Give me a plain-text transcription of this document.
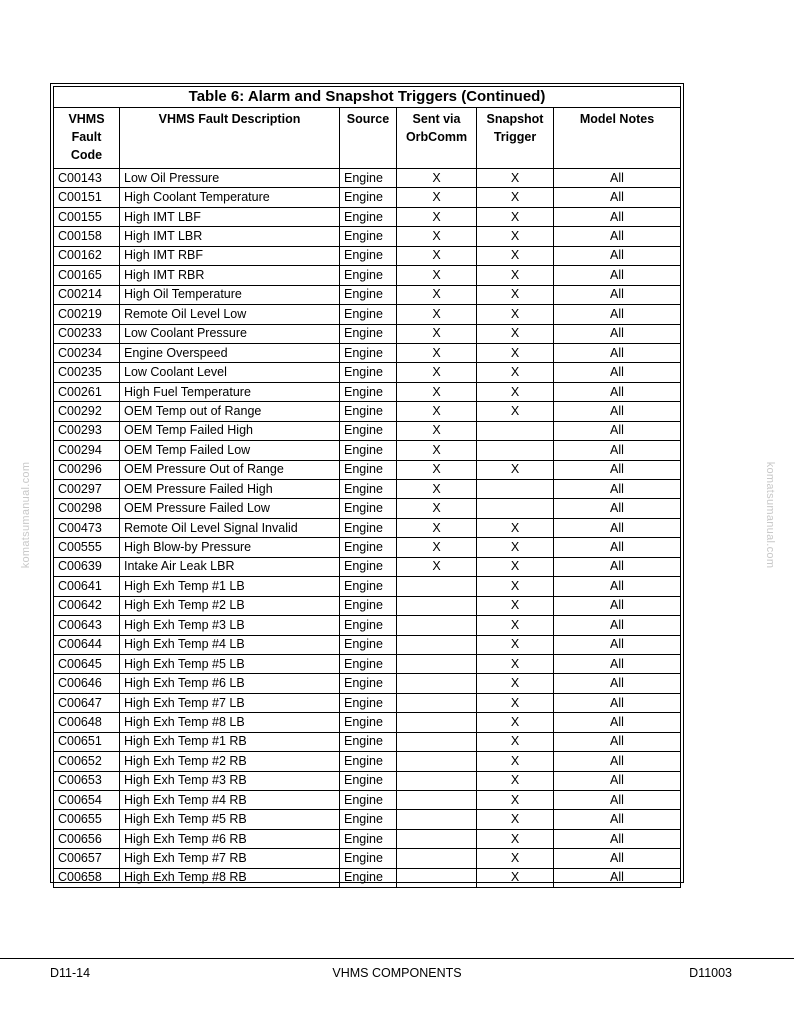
komatsumanual.com	komatsumanual.com
Table 6: Alarm and Snapshot Triggers (Continued)
VHMS Fault Code	VHMS Fault Description	Source	Sent via OrbComm	Snapshot Trigger	Model Notes
C00143	Low Oil Pressure	Engine	X	X	All
C00151	High Coolant Temperature	Engine	X	X	All
C00155	High IMT LBF	Engine	X	X	All
C00158	High IMT LBR	Engine	X	X	All
C00162	High IMT RBF	Engine	X	X	All
C00165	High IMT RBR	Engine	X	X	All
C00214	High Oil Temperature	Engine	X	X	All
C00219	Remote Oil Level Low	Engine	X	X	All
C00233	Low Coolant Pressure	Engine	X	X	All
C00234	Engine Overspeed	Engine	X	X	All
C00235	Low Coolant Level	Engine	X	X	All
C00261	High Fuel Temperature	Engine	X	X	All
C00292	OEM Temp out of Range	Engine	X	X	All
C00293	OEM Temp Failed High	Engine	X		All
C00294	OEM Temp Failed Low	Engine	X		All
C00296	OEM Pressure Out of Range	Engine	X	X	All
C00297	OEM Pressure Failed High	Engine	X		All
C00298	OEM Pressure Failed Low	Engine	X		All
C00473	Remote Oil Level Signal Invalid	Engine	X	X	All
C00555	High Blow-by Pressure	Engine	X	X	All
C00639	Intake Air Leak LBR	Engine	X	X	All
C00641	High Exh Temp #1 LB	Engine		X	All
C00642	High Exh Temp #2 LB	Engine		X	All
C00643	High Exh Temp #3 LB	Engine		X	All
C00644	High Exh Temp #4 LB	Engine		X	All
C00645	High Exh Temp #5 LB	Engine		X	All
C00646	High Exh Temp #6 LB	Engine		X	All
C00647	High Exh Temp #7 LB	Engine		X	All
C00648	High Exh Temp #8 LB	Engine		X	All
C00651	High Exh Temp #1 RB	Engine		X	All
C00652	High Exh Temp #2 RB	Engine		X	All
C00653	High Exh Temp #3 RB	Engine		X	All
C00654	High Exh Temp #4 RB	Engine		X	All
C00655	High Exh Temp #5 RB	Engine		X	All
C00656	High Exh Temp #6 RB	Engine		X	All
C00657	High Exh Temp #7 RB	Engine		X	All
C00658	High Exh Temp #8 RB	Engine		X	All
D11-14	VHMS COMPONENTS	D11003
